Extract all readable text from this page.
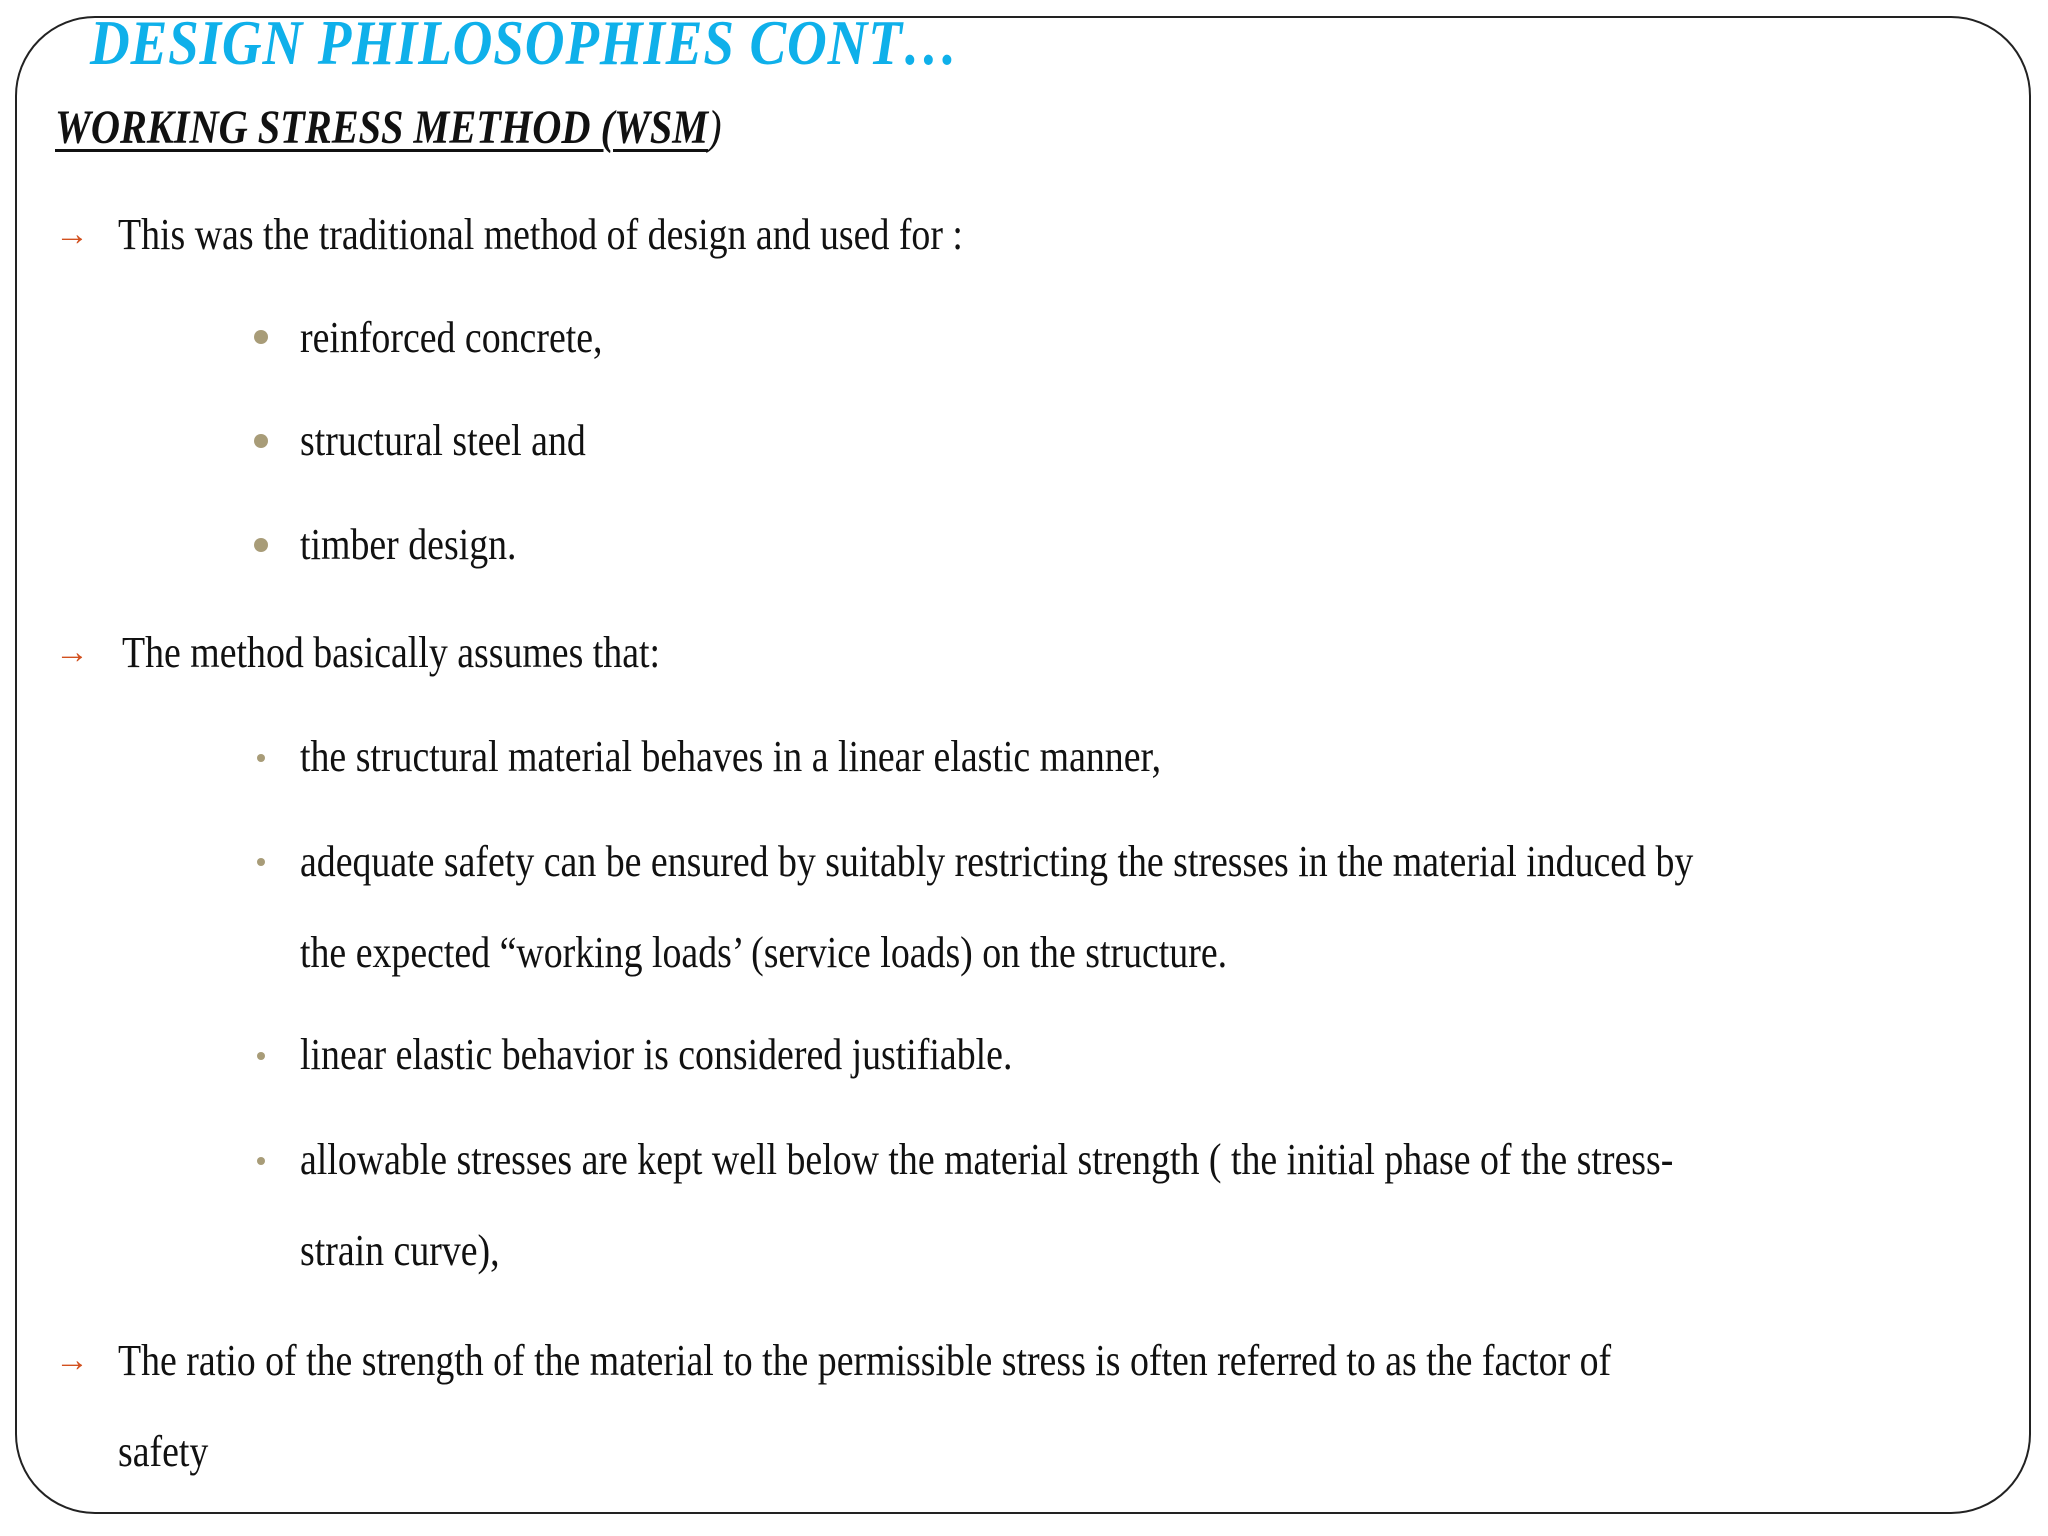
DESIGN PHILOSOPHIES CONT…
WORKING STRESS METHOD (WSM)
→ This was the traditional method of design and used for :
reinforced concrete,
structural steel and
timber design.
→ The method basically assumes that:
the structural material behaves in a linear elastic manner,
adequate safety can be ensured by suitably restricting the stresses in the material induced by
the expected “working loads’ (service loads) on the structure.
linear elastic behavior is considered justifiable.
allowable stresses are kept well below the material strength ( the initial phase of the stress-
strain curve),
→ The ratio of the strength of the material to the permissible stress is often referred to as the factor of
safety
